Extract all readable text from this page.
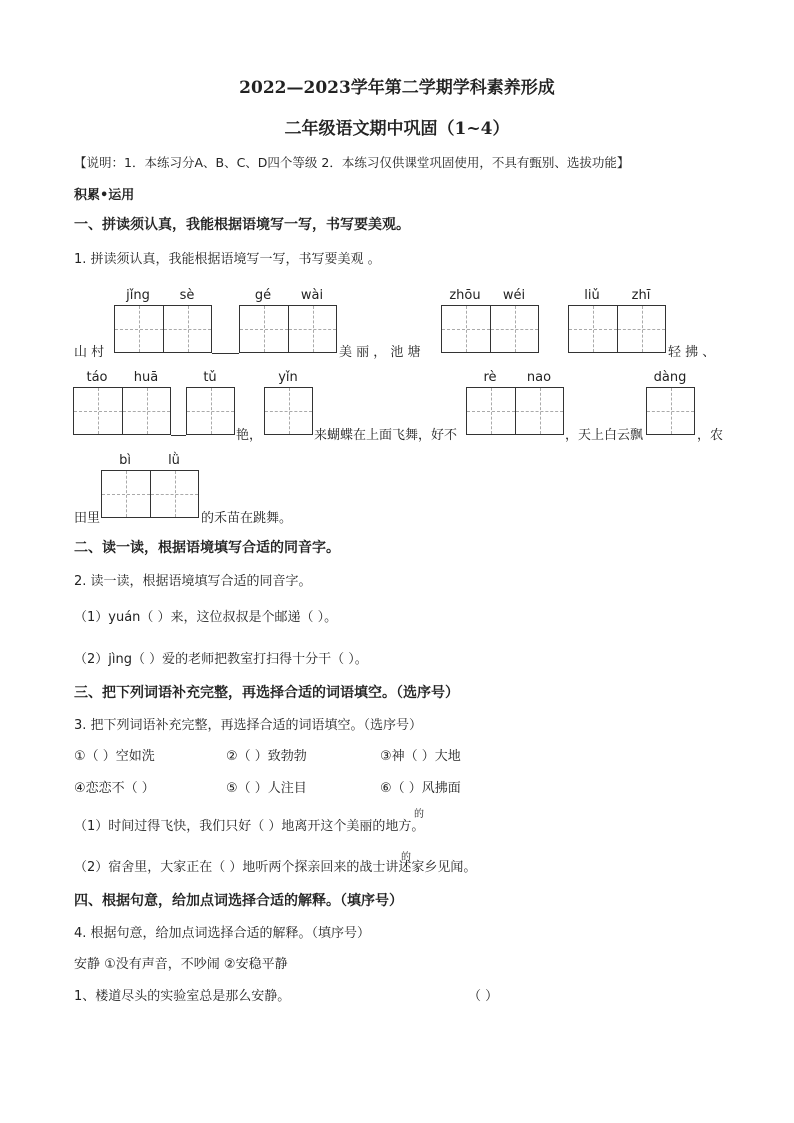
2022—2023学年第二学期学科素养形成
二年级语文期中巩固（1~4）
【说明：1．本练习分A、B、C、D四个等级 2．本练习仅供课堂巩固使用，不具有甄别、选拔功能】
积累•运用
一、拼读须认真，我能根据语境写一写，书写要美观。
1. 拼读须认真，我能根据语境写一写，书写要美观 。
jǐng	sè	gé	wài	zhōu	wéi	liǔ	zhī
山 村	美 丽 ， 池 塘	轻 拂 、
táo	huā	tǔ	yǐn	rè	nao	dàng
艳，	来蝴蝶在上面飞舞，好不	，天上白云飘	，农
bì	lǜ
田里	的禾苗在跳舞。
二、读一读，根据语境填写合适的同音字。
2. 读一读，根据语境填写合适的同音字。
（1）yuán（ ）来，这位叔叔是个邮递（ ）。
（2）jìng（ ）爱的老师把教室打扫得十分干（ ）。
三、把下列词语补充完整，再选择合适的词语填空。（选序号）
3. 把下列词语补充完整，再选择合适的词语填空。（选序号）
①（ ）空如洗	②（ ）致勃勃	③神（ ）大地
④恋恋不（ ）	⑤（ ）人注目	⑥（ ）风拂面
的
（1）时间过得飞快，我们只好（ ）地离开这个美丽的地方。
的
（2）宿舍里，大家正在（ ）地听两个探亲回来的战士讲述家乡见闻。
四、根据句意，给加点词选择合适的解释。（填序号）
4. 根据句意，给加点词选择合适的解释。（填序号）
安静 ①没有声音，不吵闹 ②安稳平静
1、楼道尽头的实验室总是那么安静。	（ ）
